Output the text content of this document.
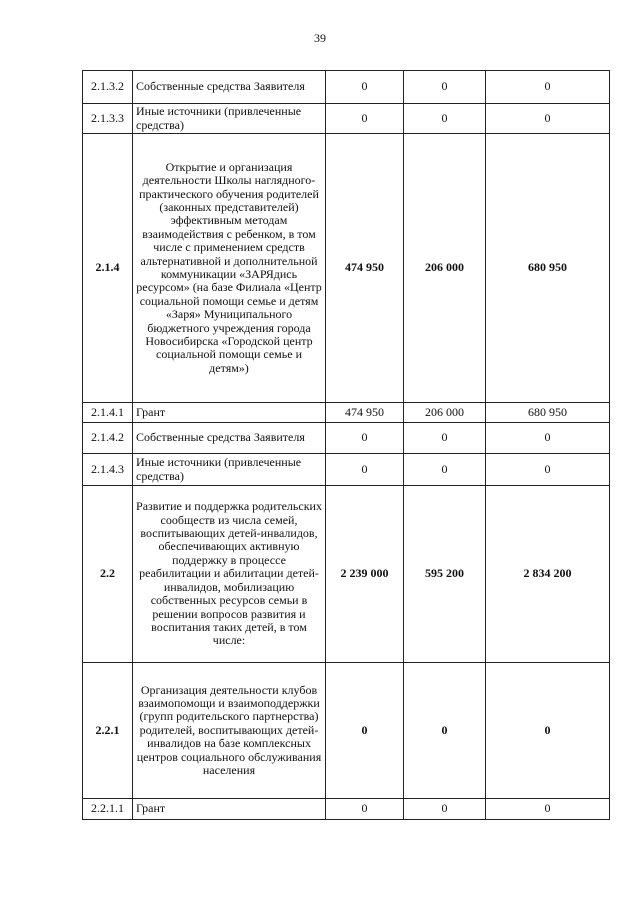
39
2.1.3.2	Собственные средства Заявителя	0	0	0
2.1.3.3	Иные источники (привлеченные средства)	0	0	0
2.1.4	Открытие и организация деятельности Школы наглядного-практического обучения родителей (законных представителей) эффективным методам взаимодействия с ребенком, в том числе с применением средств альтернативной и дополнительной коммуникации «ЗАРЯдись ресурсом» (на базе Филиала «Центр социальной помощи семье и детям «Заря» Муниципального бюджетного учреждения города Новосибирска «Городской центр социальной помощи семье и детям»)	474 950	206 000	680 950
2.1.4.1	Грант	474 950	206 000	680 950
2.1.4.2	Собственные средства Заявителя	0	0	0
2.1.4.3	Иные источники (привлеченные средства)	0	0	0
2.2	Развитие и поддержка родительских сообществ из числа семей, воспитывающих детей-инвалидов, обеспечивающих активную поддержку в процессе реабилитации и абилитации детей-инвалидов, мобилизацию собственных ресурсов семьи в решении вопросов развития и воспитания таких детей, в том числе:	2 239 000	595 200	2 834 200
2.2.1	Организация деятельности клубов взаимопомощи и взаимоподдержки (групп родительского партнерства) родителей, воспитывающих детей-инвалидов на базе комплексных центров социального обслуживания населения	0	0	0
2.2.1.1	Грант	0	0	0
